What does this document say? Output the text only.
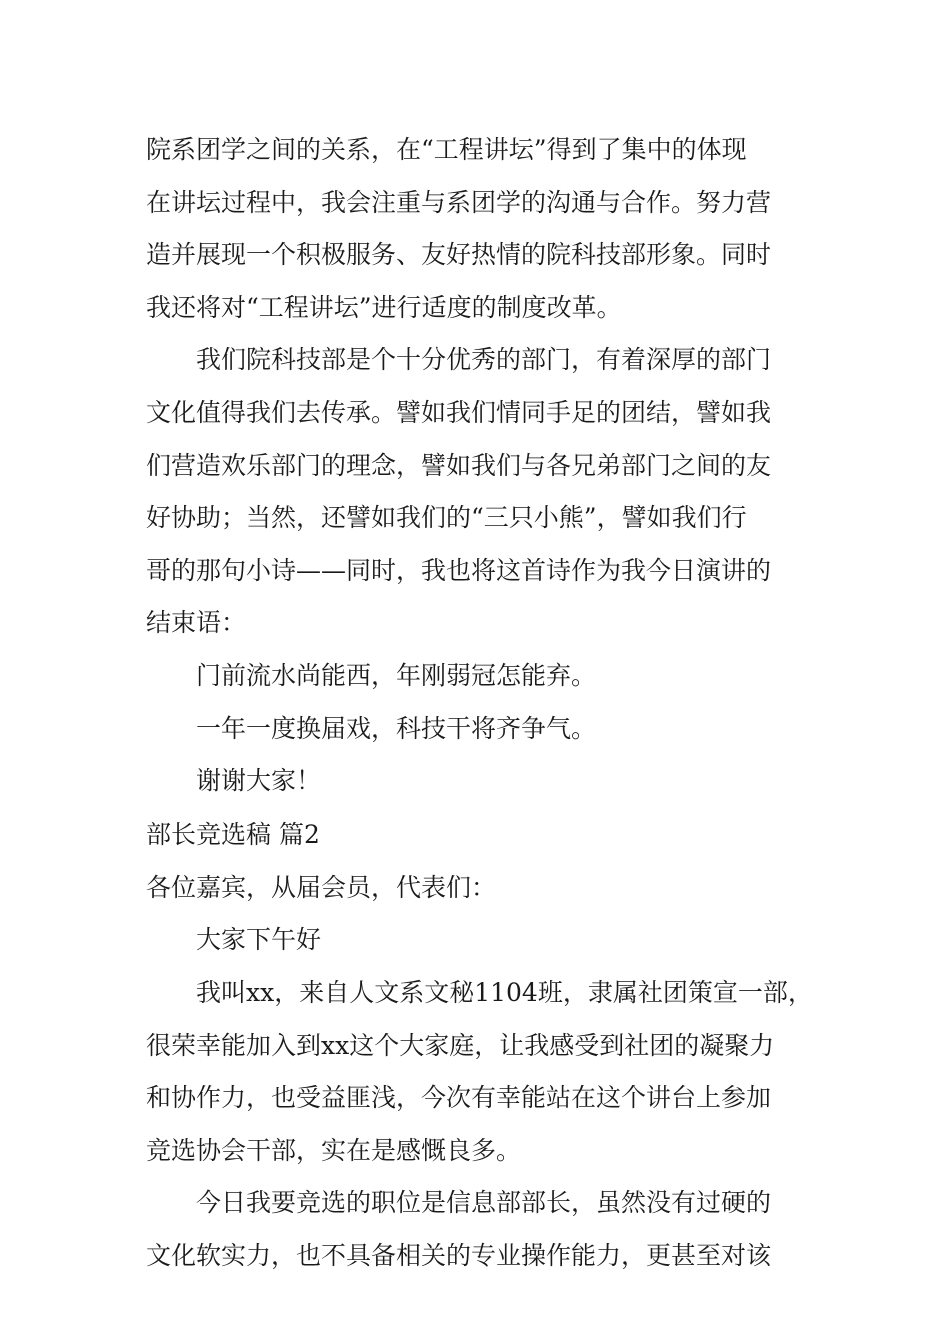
院系团学之间的关系，在“工程讲坛”得到了集中的体现

在讲坛过程中，我会注重与系团学的沟通与合作。努力营

造并展现一个积极服务、友好热情的院科技部形象。同时

我还将对“工程讲坛”进行适度的制度改革。

我们院科技部是个十分优秀的部门，有着深厚的部门

文化值得我们去传承。譬如我们情同手足的团结，譬如我

们营造欢乐部门的理念，譬如我们与各兄弟部门之间的友

好协助；当然，还譬如我们的“三只小熊”，譬如我们行

哥的那句小诗——同时，我也将这首诗作为我今日演讲的

结束语：

门前流水尚能西，年刚弱冠怎能弃。

一年一度换届戏，科技干将齐争气。

谢谢大家！

部长竞选稿 篇2

各位嘉宾，从届会员，代表们：

大家下午好

我叫xx，来自人文系文秘1104班，隶属社团策宣一部，

很荣幸能加入到xx这个大家庭，让我感受到社团的凝聚力

和协作力，也受益匪浅，今次有幸能站在这个讲台上参加

竞选协会干部，实在是感慨良多。

今日我要竞选的职位是信息部部长，虽然没有过硬的

文化软实力，也不具备相关的专业操作能力，更甚至对该
